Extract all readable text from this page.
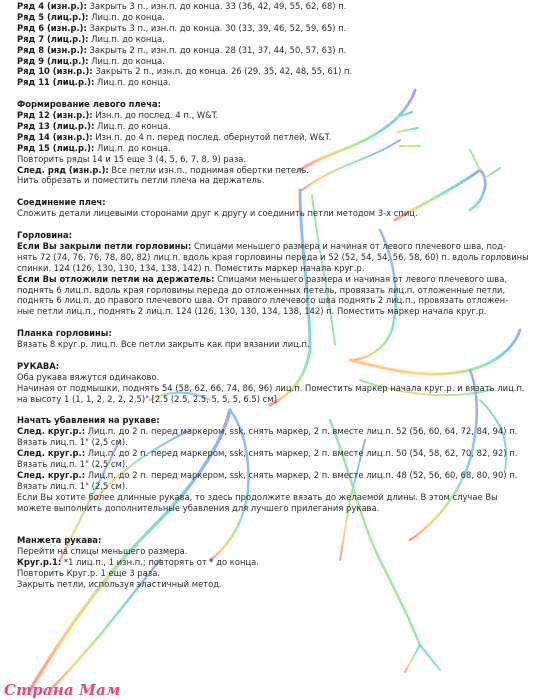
Ряд 4 (изн.р.): Закрыть 3 п., изн.п. до конца. 33 (36, 42, 49, 55, 62, 68) п.
Ряд 5 (лиц.р.): Лиц.п. до конца.
Ряд 6 (изн.р.): Закрыть 3 п., изн.п. до конца. 30 (33, 39, 46, 52, 59, 65) п.
Ряд 7 (лиц.р.): Лиц.п. до конца.
Ряд 8 (изн.р.): Закрыть 2 п., изн.п. до конца. 28 (31, 37, 44, 50, 57, 63) п.
Ряд 9 (лиц.р.): Лиц.п. до конца.
Ряд 10 (изн.р.): Закрыть 2 п., изн.п. до конца. 26 (29, 35, 42, 48, 55, 61) п.
Ряд 11 (лиц.р.): Лиц.п. до конца.
Формирование левого плеча:
Ряд 12 (изн.р.): Изн.п. до послед. 4 п., W&T.
Ряд 13 (лиц.р.): Лиц.п. до конца.
Ряд 14 (изн.р.): Изн.п. до 4 п. перед послед. обернутой петлей, W&T.
Ряд 15 (лиц.р.): Лиц.п. до конца.
Повторить ряды 14 и 15 еще 3 (4, 5, 6, 7, 8, 9) раза.
След. ряд (изн.р.): Все петли изн.п., поднимая обертки петель.
Нить обрезать и поместить петли плеча на держатель.
Соединение плеч:
Сложить детали лицевыми сторонами друг к другу и соединить петли методом 3-х спиц.
Горловина:
Если Вы закрыли петли горловины: Спицами меньшего размера и начиная от левого плечевого шва, под-
нять 72 (74, 76, 76, 78, 80, 82) лиц.п. вдоль края горловины переда и 52 (52, 54, 54, 56, 58, 60) п. вдоль горловины
спинки. 124 (126, 130, 130, 134, 138, 142) п. Поместить маркер начала круг.р.
Если Вы отложили петли на держатель: Спицами меньшего размера и начиная от левого плечевого шва,
поднять 6 лиц.п. вдоль края горловины переда до отложенных петель, провязать лиц.п. отложенные петли,
поднять 6 лиц.п. до правого плечевого шва. От правого плечевого шва поднять 2 лиц.п., провязать отложен-
ные петли лиц.п., поднять 2 лиц.п. 124 (126, 130, 130, 134, 138, 142) п. Поместить маркер начала круг.р.
Планка горловины:
Вязать 8 круг.р. лиц.п. Все петли закрыть как при вязании лиц.п.
РУКАВА:
Оба рукава вяжутся одинаково.
Начиная от подмышки, поднять 54 (58, 62, 66, 74, 86, 96) лиц.п. Поместить маркер начала круг.р. и вязать лиц.п.
на высоту 1 (1, 1, 2, 2, 2, 2,5)" [2.5 (2.5, 2.5, 5, 5, 5, 6.5) см]
Начать убавления на рукаве:
След. круг.р.: Лиц.п. до 2 п. перед маркером, ssk, снять маркер, 2 п. вместе лиц.п. 52 (56, 60, 64, 72, 84, 94) п.
Вязать лиц.п. 1" (2,5 см).
След. круг.р.: Лиц.п. до 2 п. перед маркером, ssk, снять маркер, 2 п. вместе лиц.п. 50 (54, 58, 62, 70, 82, 92) п.
Вязать лиц.п. 1" (2,5 см).
След. круг.р.: Лиц.п. до 2 п. перед маркером, ssk, снять маркер, 2 п. вместе лиц.п. 48 (52, 56, 60, 68, 80, 90) п.
Вязать лиц.п. 1" (2,5 см).
Если Вы хотите более длинные рукава, то здесь продолжите вязать до желаемой длины. В этом случае Вы
можете выполнить дополнительные убавления для лучшего прилегания рукава.
Манжета рукава:
Перейти на спицы меньшего размера.
Круг.р.1: *1 лиц.п., 1 изн.п.; повторять от * до конца.
Повторить Круг.р. 1 еще 3 раза.
Закрыть петли, используя эластичный метод.
Страна Мам
